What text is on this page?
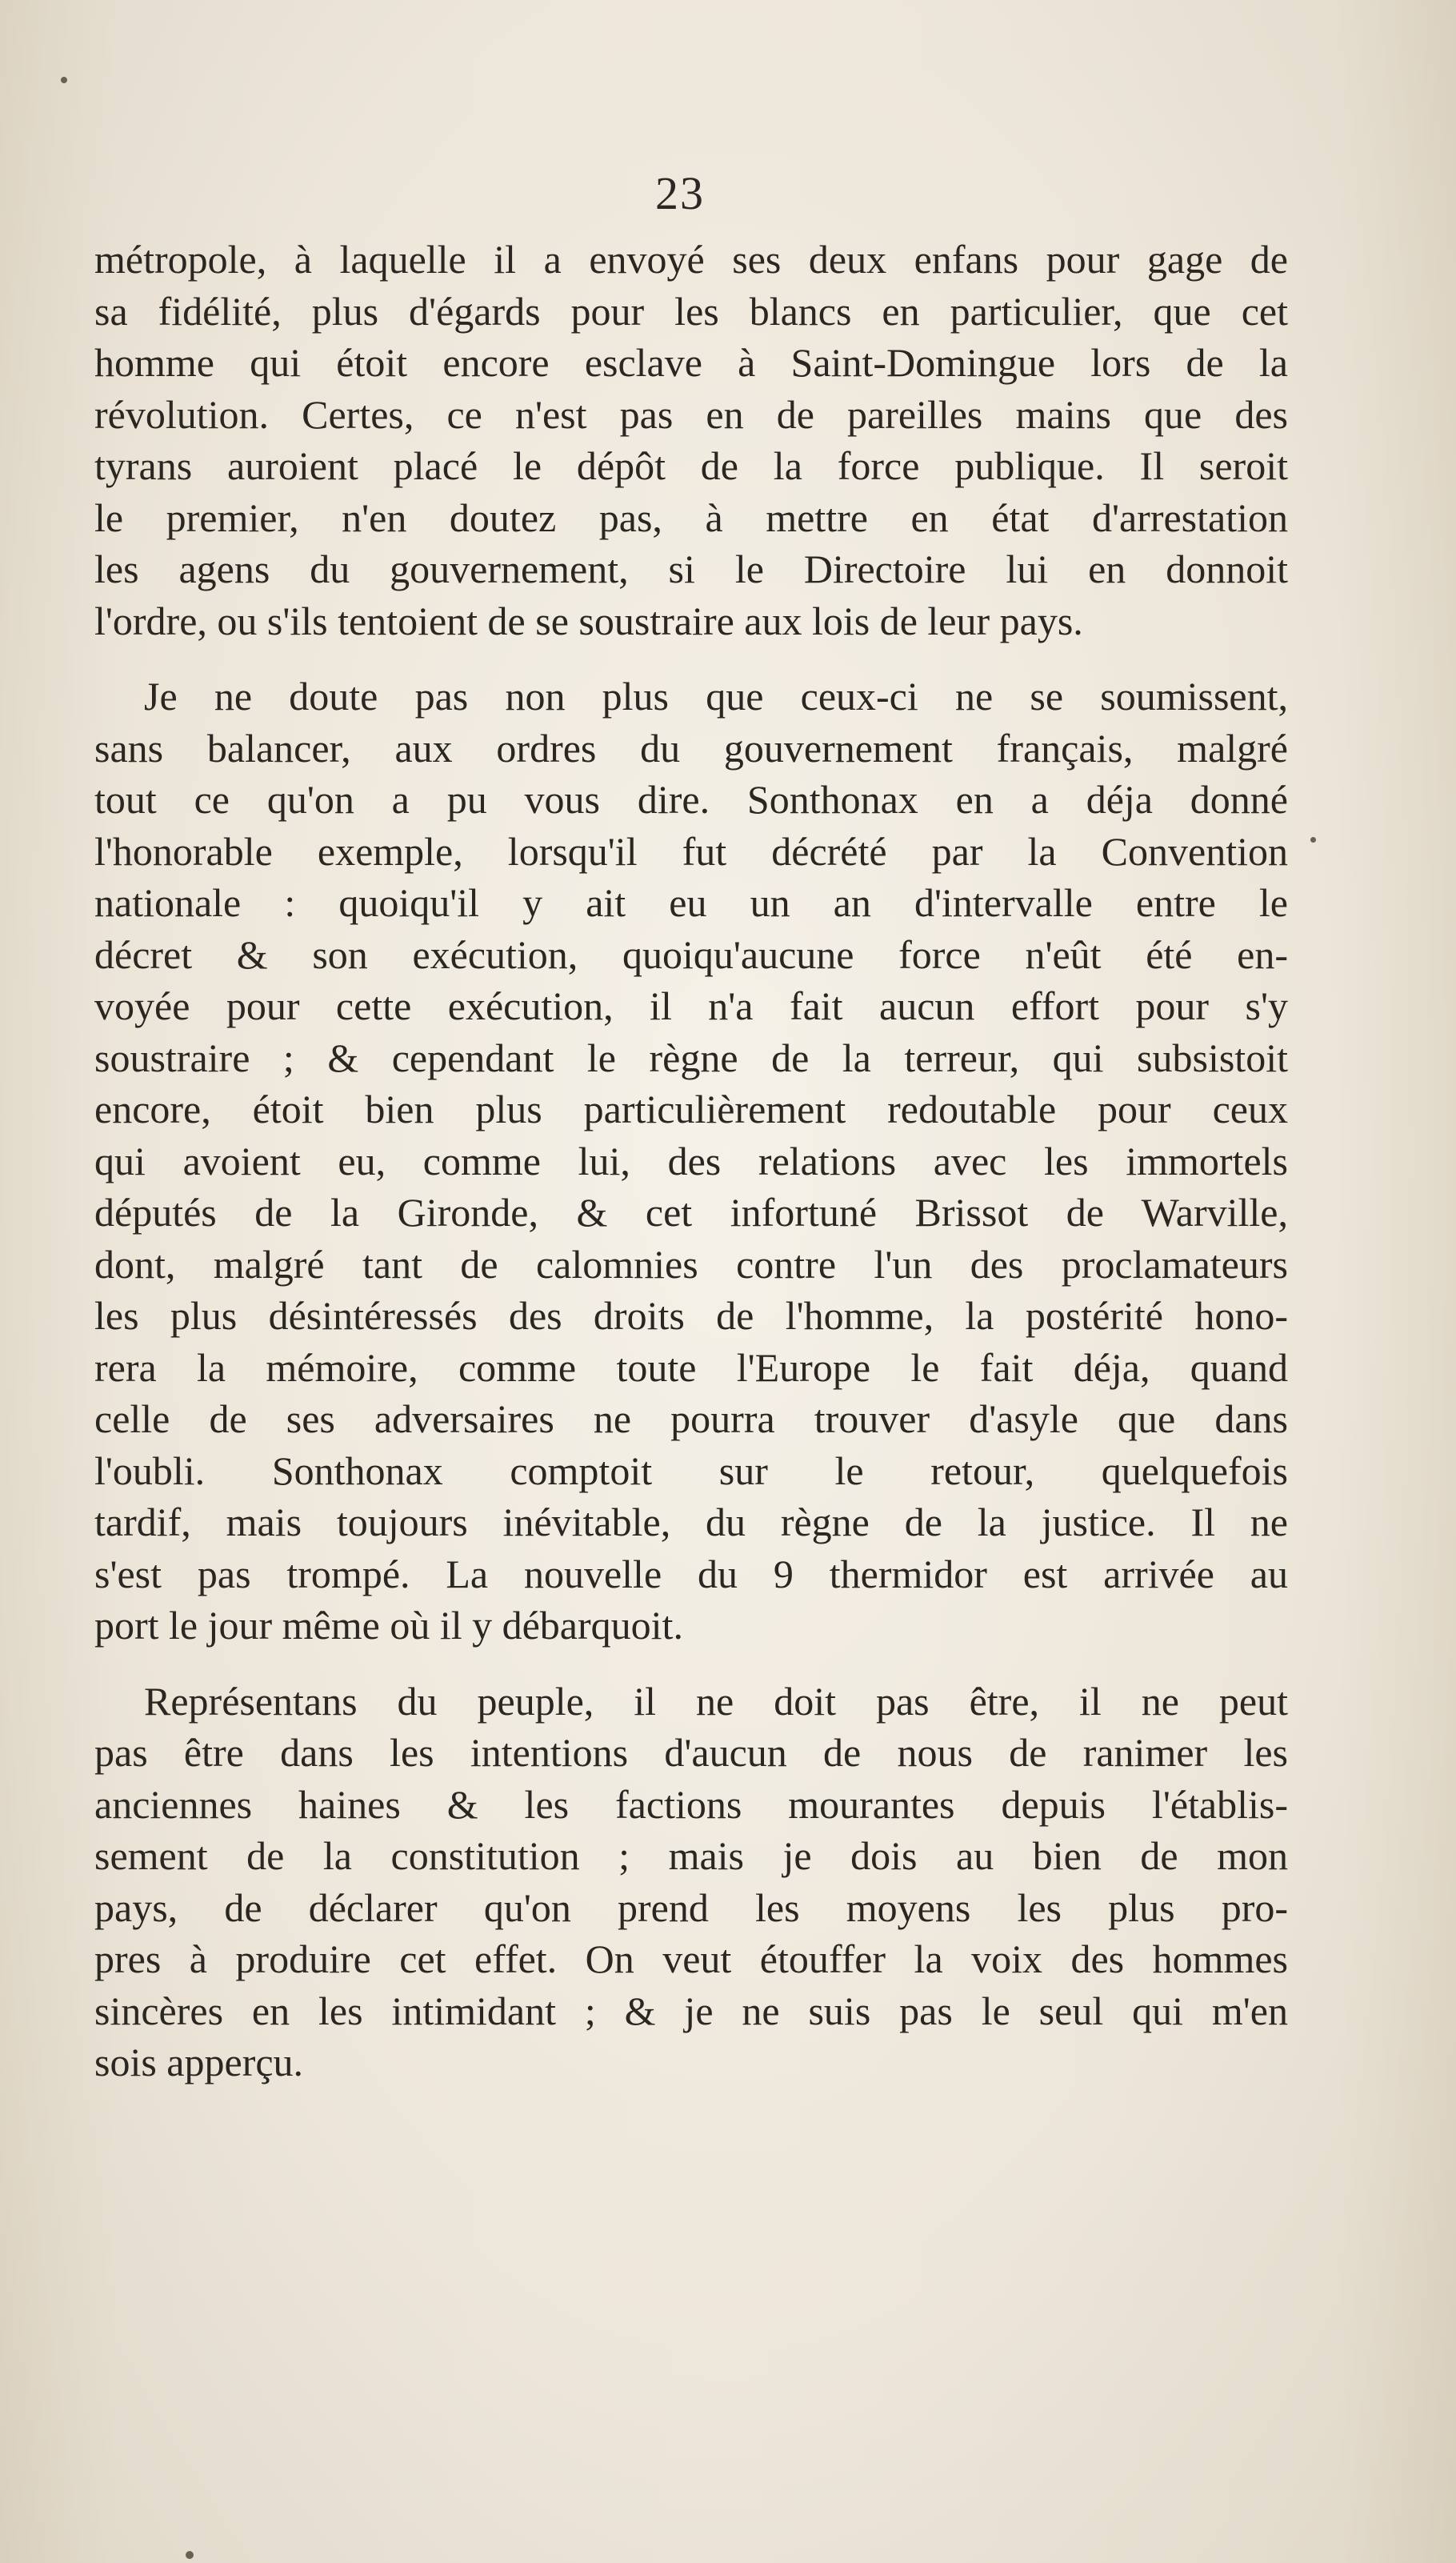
23
métropole, à laquelle il a envoyé ses deux enfans pour gage de
sa fidélité, plus d'égards pour les blancs en particulier, que cet
homme qui étoit encore esclave à Saint-Domingue lors de la
révolution. Certes, ce n'est pas en de pareilles mains que des
tyrans auroient placé le dépôt de la force publique. Il seroit
le premier, n'en doutez pas, à mettre en état d'arrestation
les agens du gouvernement, si le Directoire lui en donnoit
l'ordre, ou s'ils tentoient de se soustraire aux lois de leur pays.
Je ne doute pas non plus que ceux-ci ne se soumissent,
sans balancer, aux ordres du gouvernement français, malgré
tout ce qu'on a pu vous dire. Sonthonax en a déja donné
l'honorable exemple, lorsqu'il fut décrété par la Convention
nationale : quoiqu'il y ait eu un an d'intervalle entre le
décret & son exécution, quoiqu'aucune force n'eût été en-
voyée pour cette exécution, il n'a fait aucun effort pour s'y
soustraire ; & cependant le règne de la terreur, qui subsistoit
encore, étoit bien plus particulièrement redoutable pour ceux
qui avoient eu, comme lui, des relations avec les immortels
députés de la Gironde, & cet infortuné Brissot de Warville,
dont, malgré tant de calomnies contre l'un des proclamateurs
les plus désintéressés des droits de l'homme, la postérité hono-
rera la mémoire, comme toute l'Europe le fait déja, quand
celle de ses adversaires ne pourra trouver d'asyle que dans
l'oubli. Sonthonax comptoit sur le retour, quelquefois
tardif, mais toujours inévitable, du règne de la justice. Il ne
s'est pas trompé. La nouvelle du 9 thermidor est arrivée au
port le jour même où il y débarquoit.
Représentans du peuple, il ne doit pas être, il ne peut
pas être dans les intentions d'aucun de nous de ranimer les
anciennes haines & les factions mourantes depuis l'établis-
sement de la constitution ; mais je dois au bien de mon
pays, de déclarer qu'on prend les moyens les plus pro-
pres à produire cet effet. On veut étouffer la voix des hommes
sincères en les intimidant ; & je ne suis pas le seul qui m'en
sois apperçu.
